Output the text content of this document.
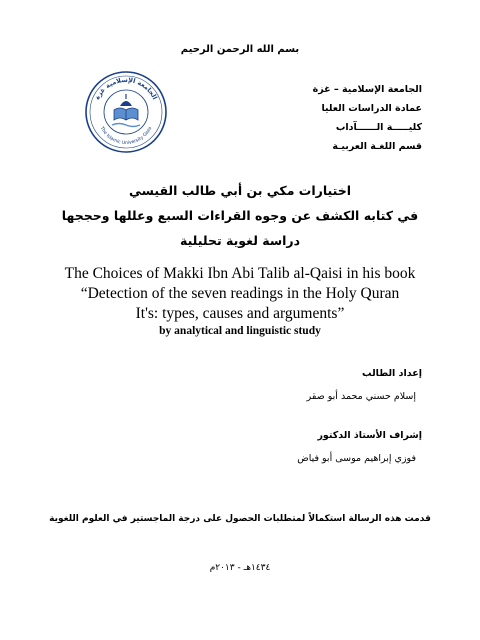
بسم الله الرحمن الرحيم
الجامعة الإسلامية – غزة
عمادة الدراسات العليا
كليـــــة الــــــآداب
قسم اللغـة العربيـة
الجامعة الإسلامية غزة
The Islamic University Gaza
اختيارات مكي بن أبي طالب القيسي
في كتابه الكشف عن وجوه القراءات السبع وعللها وحججها
دراسة لغوية تحليلية
The Choices of Makki Ibn Abi Talib al-Qaisi in his book
“Detection of the seven readings in the Holy Quran
It's: types, causes and arguments”
by analytical and linguistic study
إعداد الطالب
إسلام حسني محمد أبو صقر
إشراف الأستاذ الدكتور
فوزي إبراهيم موسى أبو فياض
قدمت هذه الرسالة استكمالاً لمتطلبات الحصول على درجة الماجستير في العلوم اللغوية
١٤٣٤هـ - ٢٠١٣م
